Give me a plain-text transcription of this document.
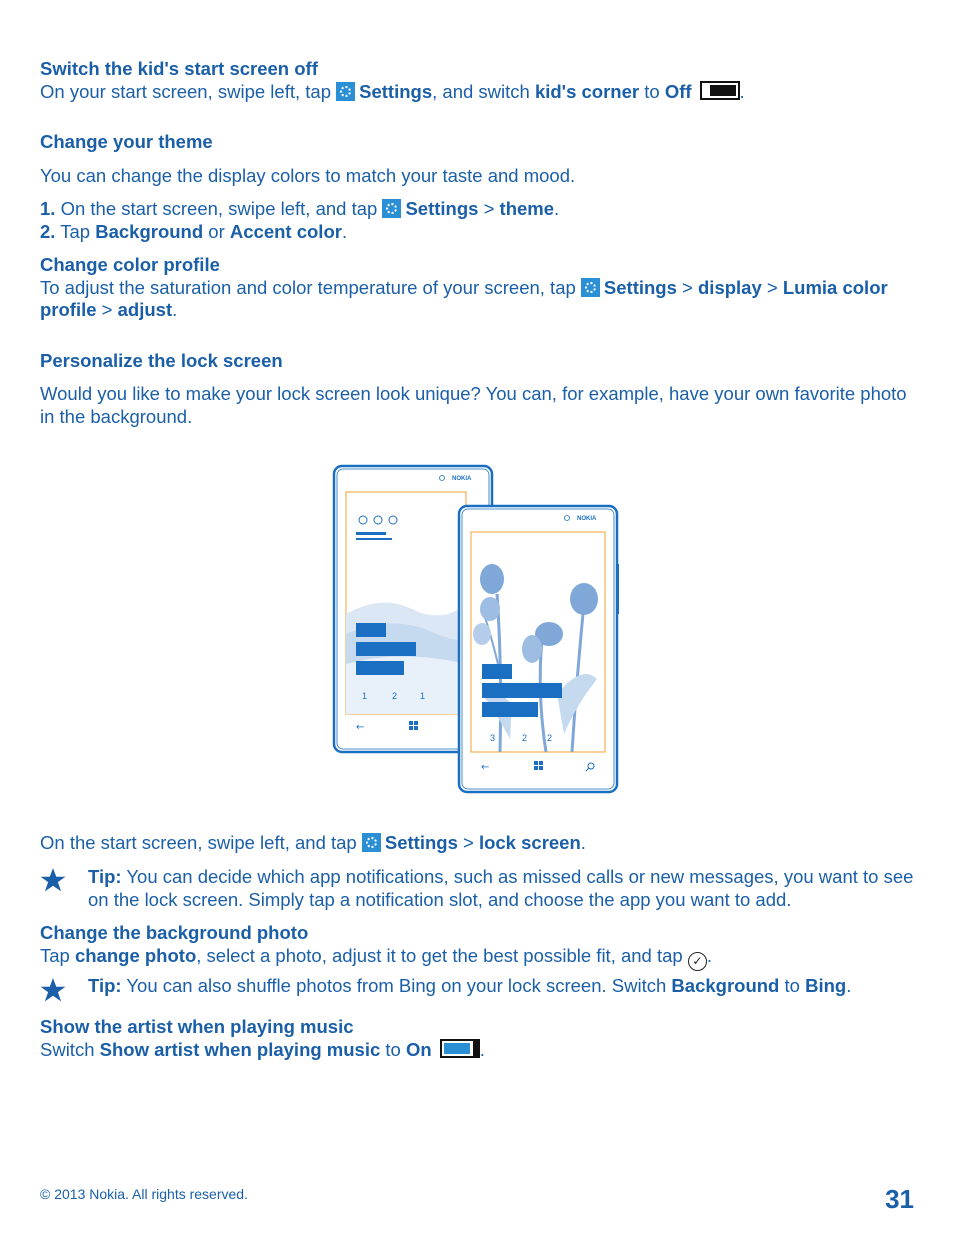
Switch the kid's start screen off
On your start screen, swipe left, tap Settings, and switch kid's corner to Off	.
Change your theme
You can change the display colors to match your taste and mood.
1. On the start screen, swipe left, and tap Settings > theme.
2. Tap Background or Accent color.
Change color profile
To adjust the saturation and color temperature of your screen, tap Settings > display > Lumia color profile > adjust.
Personalize the lock screen
Would you like to make your lock screen look unique? You can, for example, have your own favorite photo in the background.
NOKIA
1	2	1
←
NOKIA
3	2 2
←
On the start screen, swipe left, and tap Settings > lock screen.
Tip: You can decide which app notifications, such as missed calls or new messages, you want to see on the lock screen. Simply tap a notification slot, and choose the app you want to add.
Change the background photo
Tap change photo, select a photo, adjust it to get the best possible fit, and tap ✓ .
Tip: You can also shuffle photos from Bing on your lock screen. Switch Background to Bing.
Show the artist when playing music
Switch Show artist when playing music to On	.
© 2013 Nokia. All rights reserved.	31
